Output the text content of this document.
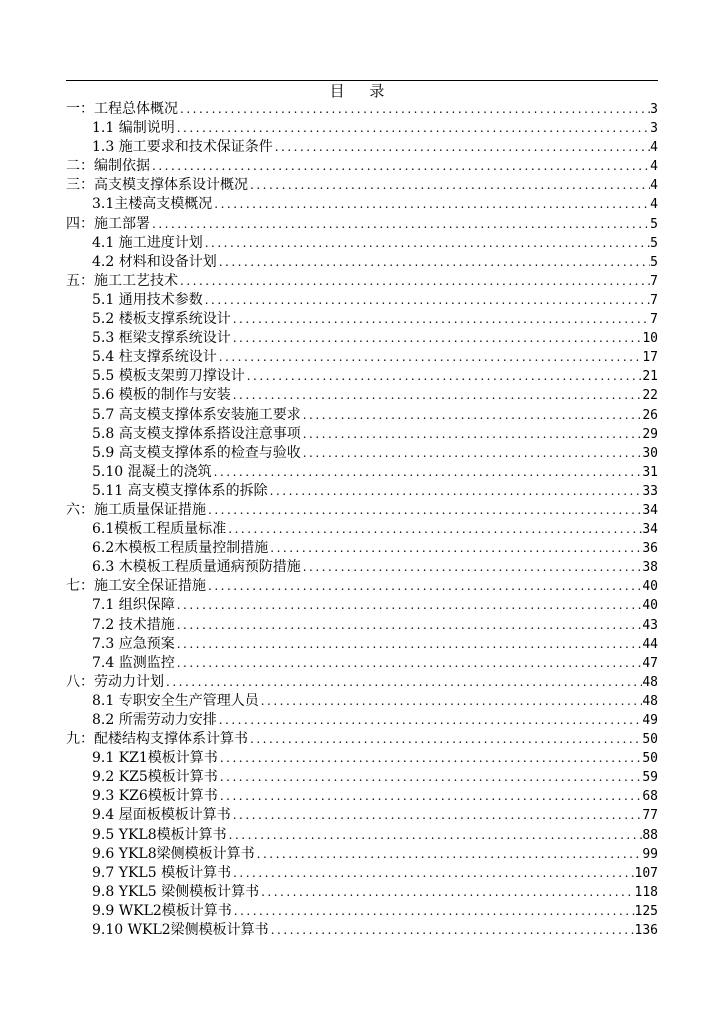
目 录
一：工程总体概况 .....	3
1.1 编制说明 .....	3
1.3 施工要求和技术保证条件 .....	4
二：编制依据 .....	4
三：高支模支撑体系设计概况 .....	4
3.1主楼高支模概况 .....	4
四：施工部署 .....	5
4.1 施工进度计划 .....	5
4.2 材料和设备计划 .....	5
五：施工工艺技术 .....	7
5.1 通用技术参数 .....	7
5.2 楼板支撑系统设计 .....	7
5.3 框梁支撑系统设计 .....	10
5.4 柱支撑系统设计 .....	17
5.5 模板支架剪刀撑设计 .....	21
5.6 模板的制作与安装 .....	22
5.7 高支模支撑体系安装施工要求 .....	26
5.8 高支模支撑体系搭设注意事项 .....	29
5.9 高支模支撑体系的检查与验收 .....	30
5.10 混凝土的浇筑 .....	31
5.11 高支模支撑体系的拆除 .....	33
六：施工质量保证措施 .....	34
6.1模板工程质量标准 .....	34
6.2木模板工程质量控制措施 .....	36
6.3 木模板工程质量通病预防措施 .....	38
七：施工安全保证措施 .....	40
7.1 组织保障 .....	40
7.2 技术措施 .....	43
7.3 应急预案 .....	44
7.4 监测监控 .....	47
八：劳动力计划 .....	48
8.1 专职安全生产管理人员 .....	48
8.2 所需劳动力安排 .....	49
九：配楼结构支撑体系计算书 .....	50
9.1 KZ1模板计算书 .....	50
9.2 KZ5模板计算书 .....	59
9.3 KZ6模板计算书 .....	68
9.4 屋面板模板计算书 .....	77
9.5 YKL8模板计算书 .....	88
9.6 YKL8梁侧模板计算书 .....	99
9.7 YKL5 模板计算书 .....	107
9.8 YKL5 梁侧模板计算书 .....	118
9.9 WKL2模板计算书 .....	125
9.10 WKL2梁侧模板计算书 .....	136
